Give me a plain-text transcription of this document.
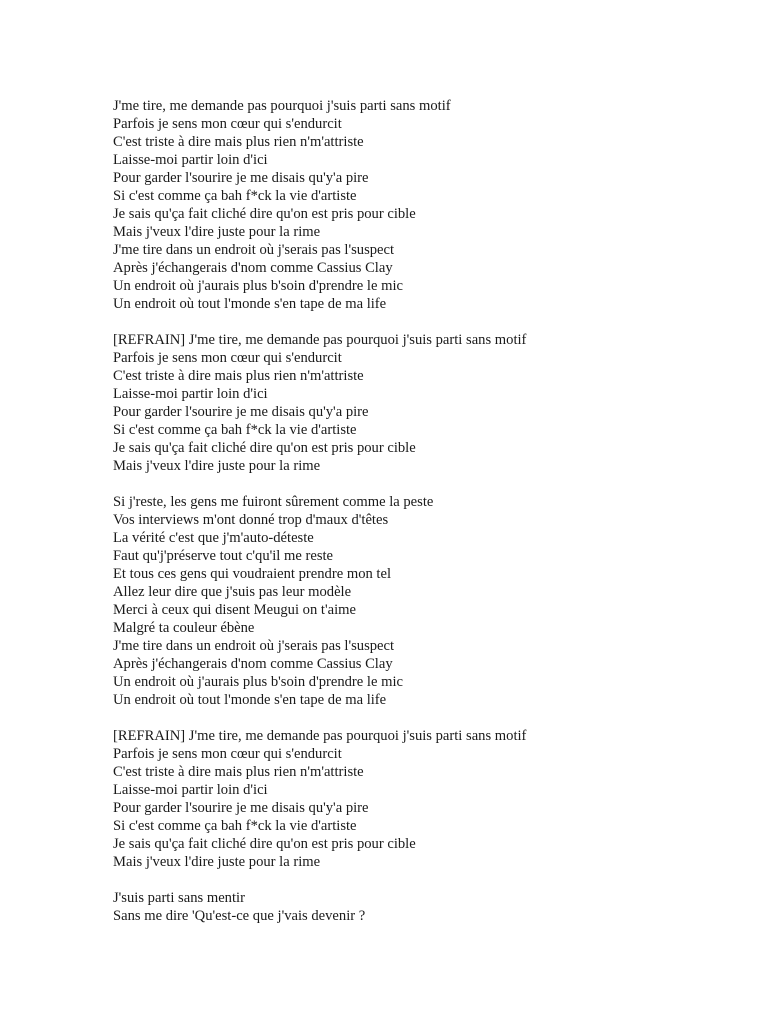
J'me tire, me demande pas pourquoi j'suis parti sans motif
Parfois je sens mon cœur qui s'endurcit
C'est triste à dire mais plus rien n'm'attriste
Laisse-moi partir loin d'ici
Pour garder l'sourire je me disais qu'y'a pire
Si c'est comme ça bah f*ck la vie d'artiste
Je sais qu'ça fait cliché dire qu'on est pris pour cible
Mais j'veux l'dire juste pour la rime
J'me tire dans un endroit où j'serais pas l'suspect
Après j'échangerais d'nom comme Cassius Clay
Un endroit où j'aurais plus b'soin d'prendre le mic
Un endroit où tout l'monde s'en tape de ma life
[REFRAIN] J'me tire, me demande pas pourquoi j'suis parti sans motif
Parfois je sens mon cœur qui s'endurcit
C'est triste à dire mais plus rien n'm'attriste
Laisse-moi partir loin d'ici
Pour garder l'sourire je me disais qu'y'a pire
Si c'est comme ça bah f*ck la vie d'artiste
Je sais qu'ça fait cliché dire qu'on est pris pour cible
Mais j'veux l'dire juste pour la rime
Si j'reste, les gens me fuiront sûrement comme la peste
Vos interviews m'ont donné trop d'maux d'têtes
La vérité c'est que j'm'auto-déteste
Faut qu'j'préserve tout c'qu'il me reste
Et tous ces gens qui voudraient prendre mon tel
Allez leur dire que j'suis pas leur modèle
Merci à ceux qui disent Meugui on t'aime
Malgré ta couleur ébène
J'me tire dans un endroit où j'serais pas l'suspect
Après j'échangerais d'nom comme Cassius Clay
Un endroit où j'aurais plus b'soin d'prendre le mic
Un endroit où tout l'monde s'en tape de ma life
[REFRAIN] J'me tire, me demande pas pourquoi j'suis parti sans motif
Parfois je sens mon cœur qui s'endurcit
C'est triste à dire mais plus rien n'm'attriste
Laisse-moi partir loin d'ici
Pour garder l'sourire je me disais qu'y'a pire
Si c'est comme ça bah f*ck la vie d'artiste
Je sais qu'ça fait cliché dire qu'on est pris pour cible
Mais j'veux l'dire juste pour la rime
J'suis parti sans mentir
Sans me dire 'Qu'est-ce que j'vais devenir ?
